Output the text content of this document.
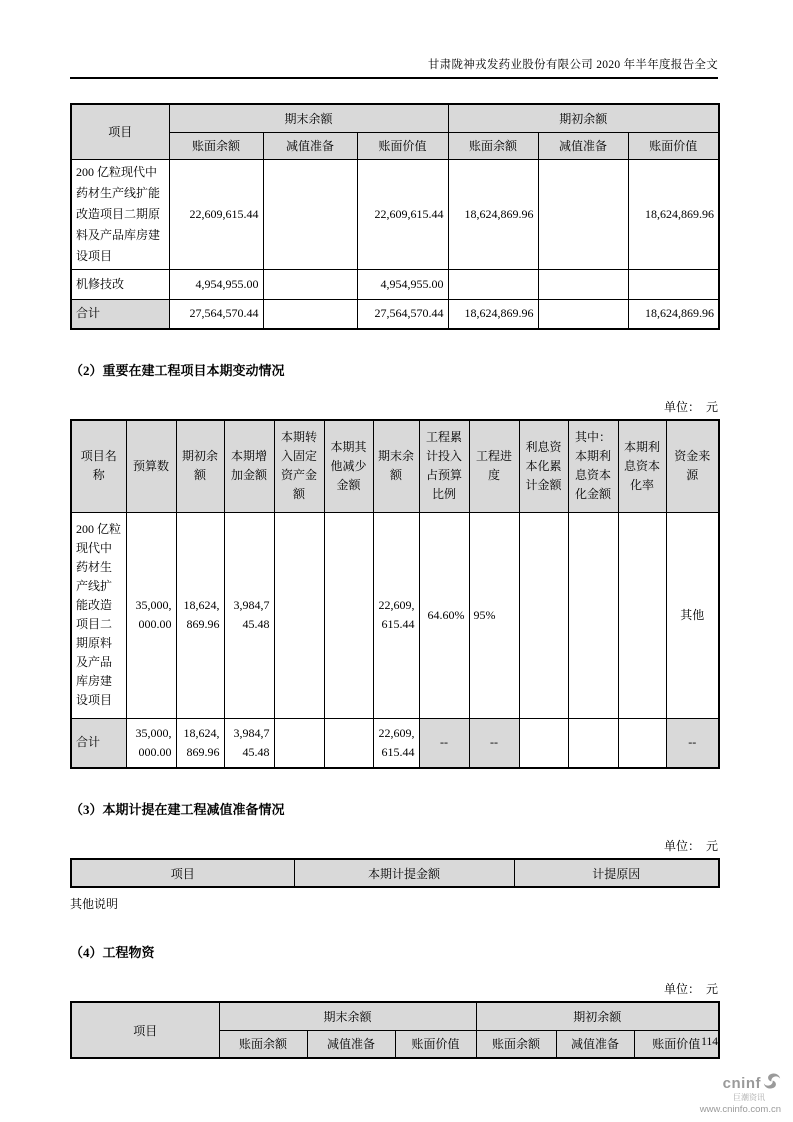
甘肃陇神戎发药业股份有限公司 2020 年半年度报告全文
项目	期末余额			期初余额		
	账面余额	减值准备	账面价值	账面余额	减值准备	账面价值
200 亿粒现代中药材生产线扩能改造项目二期原料及产品库房建设项目	22,609,615.44		22,609,615.44	18,624,869.96		18,624,869.96
机修技改	4,954,955.00		4,954,955.00			
合计	27,564,570.44		27,564,570.44	18,624,869.96		18,624,869.96
（2）重要在建工程项目本期变动情况
单位：　元
项目名称	预算数	期初余额	本期增加金额	本期转入固定资产金额	本期其他减少金额	期末余额	工程累计投入占预算比例	工程进度	利息资本化累计金额	其中：本期利息资本化金额	本期利息资本化率	资金来源
200 亿粒现代中药材生产线扩能改造项目二期原料及产品库房建设项目	35,000,000.00	18,624,869.96	3,984,745.48			22,609,615.44	64.60%	95%				其他
合计	35,000,000.00	18,624,869.96	3,984,745.48			22,609,615.44	--	--				--
（3）本期计提在建工程减值准备情况
单位：　元
项目	本期计提金额	计提原因
其他说明
（4）工程物资
单位：　元
项目	期末余额			期初余额		
	账面余额	减值准备	账面价值	账面余额	减值准备	账面价值 114
cninf
巨潮资讯
www.cninfo.com.cn
